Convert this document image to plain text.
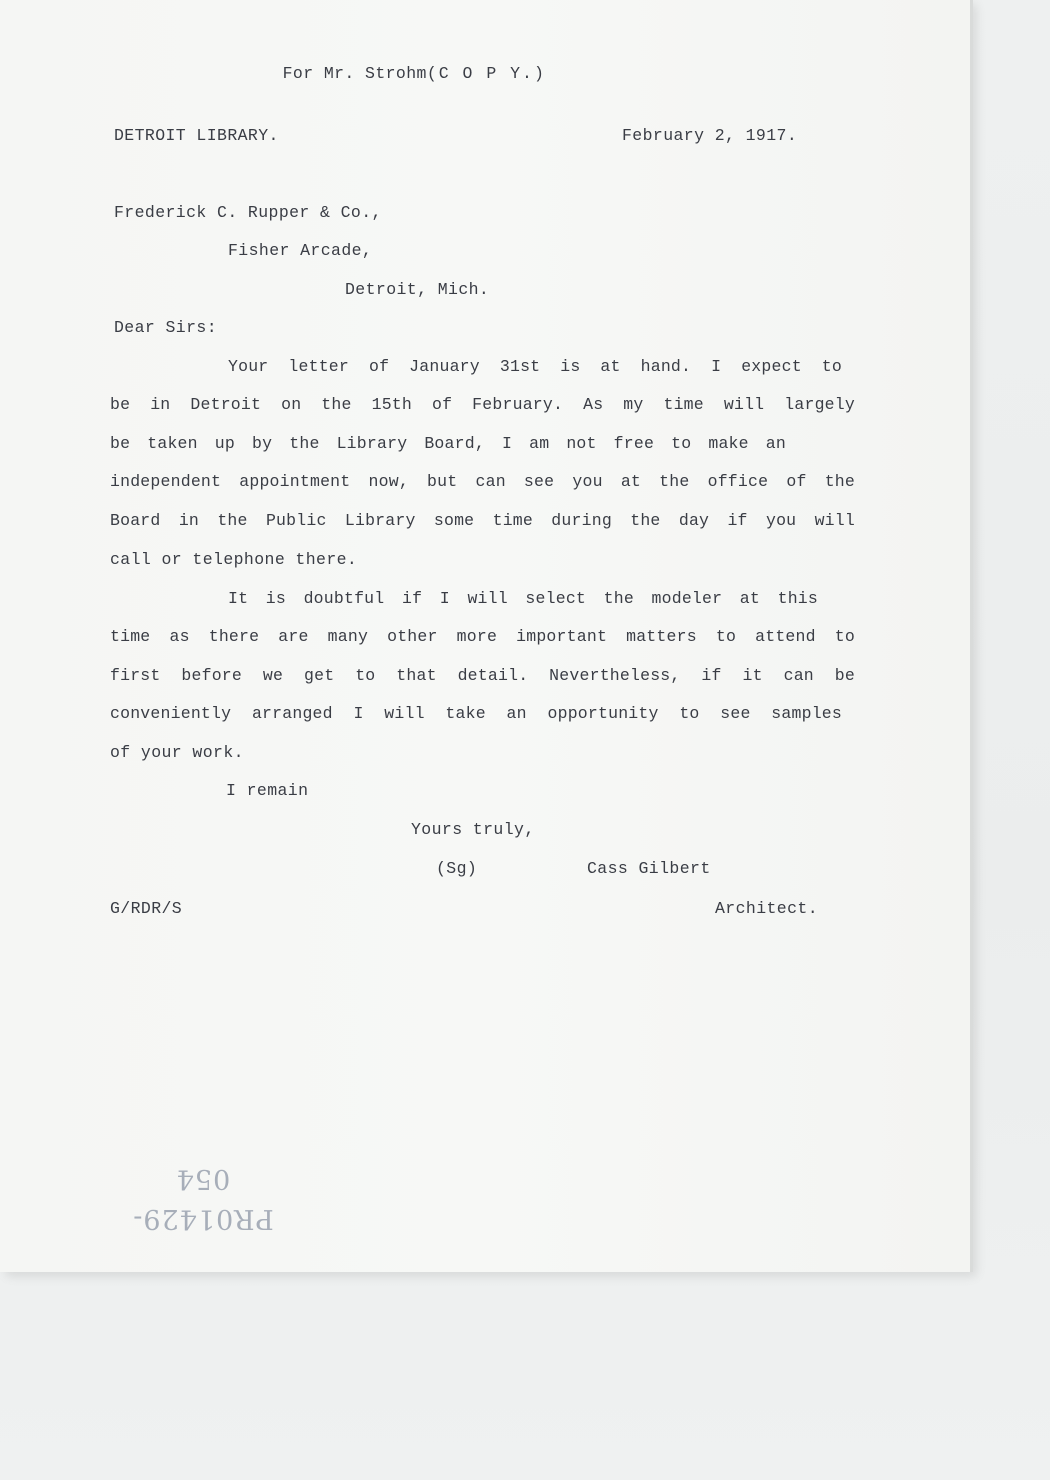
For Mr. Strohm(C O P Y.)

DETROIT LIBRARY.	February 2, 1917.
Frederick C. Rupper & Co.,
Fisher Arcade,
Detroit, Mich.
Dear Sirs:
Your letter of January 31st is at hand. I expect to
be in Detroit on the 15th of February. As my time will largely
be taken up by the Library Board, I am not free to make an
independent appointment now, but can see you at the office of the
Board in the Public Library some time during the day if you will
call or telephone there.
It is doubtful if I will select the modeler at this
time as there are many other more important matters to attend to
first before we get to that detail. Nevertheless, if it can be
conveniently arranged I will take an opportunity to see samples
of your work.
I remain
Yours truly,
(Sg)	Cass Gilbert
G/RDR/S	Architect.
PR01429-054
